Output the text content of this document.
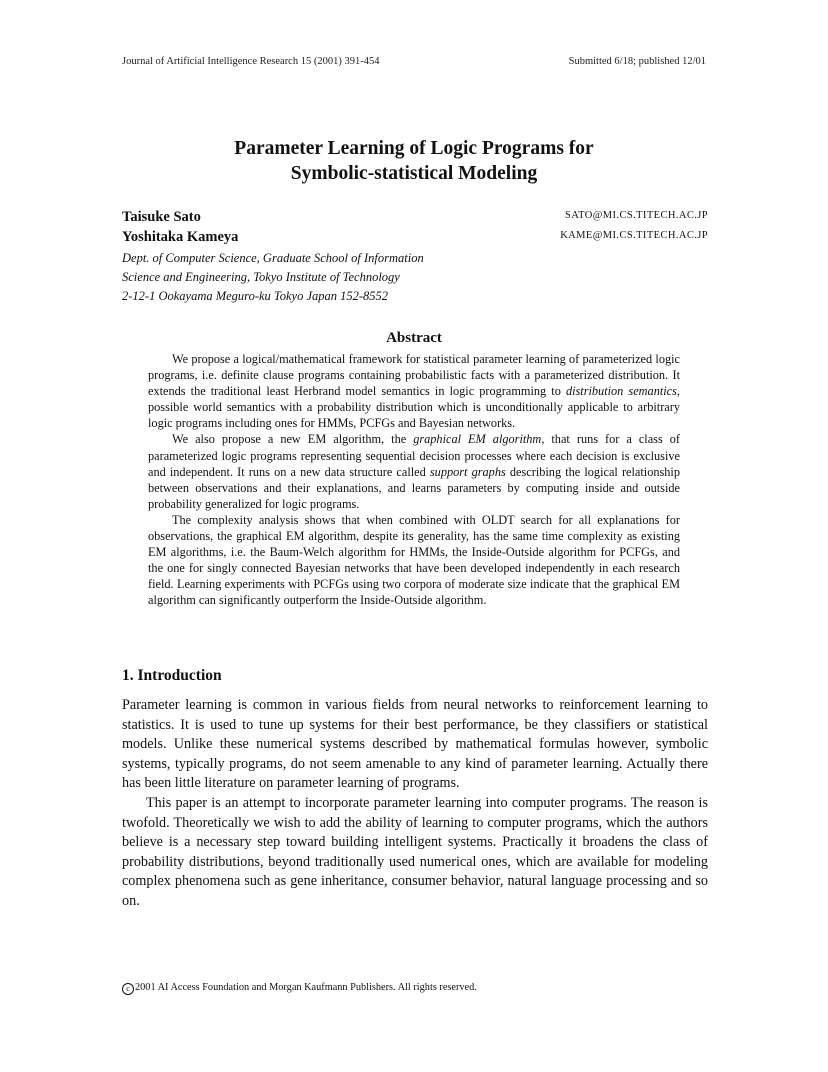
Journal of Artificial Intelligence Research 15 (2001) 391-454	Submitted 6/18; published 12/01
Parameter Learning of Logic Programs for
Symbolic-statistical Modeling
Taisuke Sato	SATO@MI.CS.TITECH.AC.JP
Yoshitaka Kameya	KAME@MI.CS.TITECH.AC.JP
Dept. of Computer Science, Graduate School of Information
Science and Engineering, Tokyo Institute of Technology
2-12-1 Ookayama Meguro-ku Tokyo Japan 152-8552
Abstract

We propose a logical/mathematical framework for statistical parameter learning of parameterized logic programs, i.e. definite clause programs containing probabilistic facts with a parameterized distribution. It extends the traditional least Herbrand model semantics in logic programming to distribution semantics, possible world semantics with a probability distribution which is unconditionally applicable to arbitrary logic programs including ones for HMMs, PCFGs and Bayesian networks.

We also propose a new EM algorithm, the graphical EM algorithm, that runs for a class of parameterized logic programs representing sequential decision processes where each decision is exclusive and independent. It runs on a new data structure called support graphs describing the logical relationship between observations and their explanations, and learns parameters by computing inside and outside probability generalized for logic programs.

The complexity analysis shows that when combined with OLDT search for all explanations for observations, the graphical EM algorithm, despite its generality, has the same time complexity as existing EM algorithms, i.e. the Baum-Welch algorithm for HMMs, the Inside-Outside algorithm for PCFGs, and the one for singly connected Bayesian networks that have been developed independently in each research field. Learning experiments with PCFGs using two corpora of moderate size indicate that the graphical EM algorithm can significantly outperform the Inside-Outside algorithm.

1. Introduction

Parameter learning is common in various fields from neural networks to reinforcement learning to statistics. It is used to tune up systems for their best performance, be they classifiers or statistical models. Unlike these numerical systems described by mathematical formulas however, symbolic systems, typically programs, do not seem amenable to any kind of parameter learning. Actually there has been little literature on parameter learning of programs.

This paper is an attempt to incorporate parameter learning into computer programs. The reason is twofold. Theoretically we wish to add the ability of learning to computer programs, which the authors believe is a necessary step toward building intelligent systems. Practically it broadens the class of probability distributions, beyond traditionally used numerical ones, which are available for modeling complex phenomena such as gene inheritance, consumer behavior, natural language processing and so on.

c 2001 AI Access Foundation and Morgan Kaufmann Publishers. All rights reserved.
